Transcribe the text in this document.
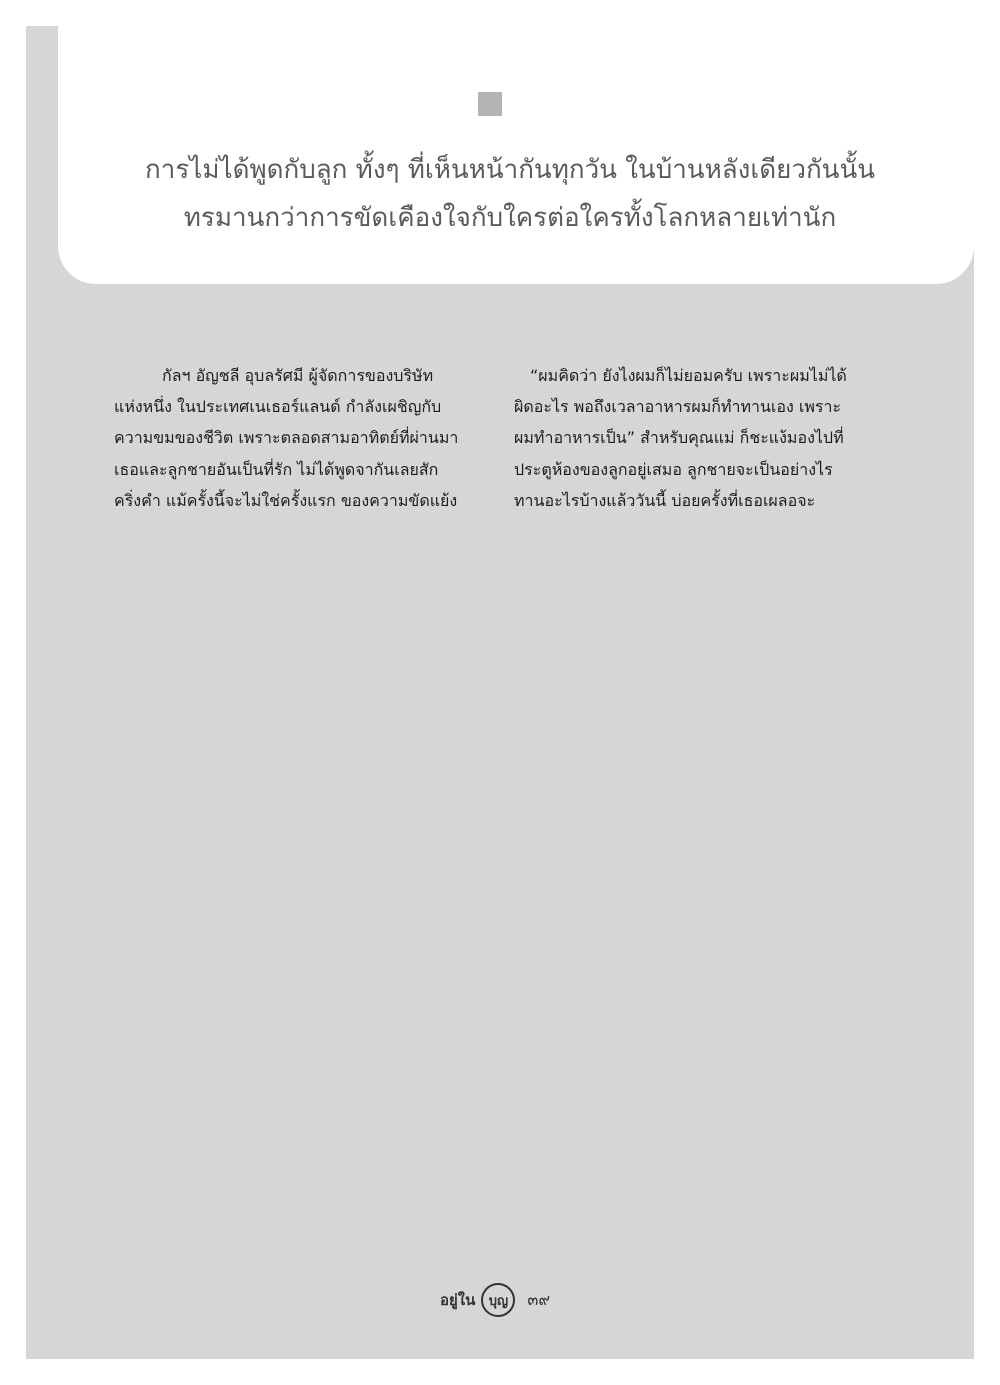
การไม่ได้พูดกับลูก ทั้งๆ ที่เห็นหน้ากันทุกวัน ในบ้านหลังเดียวกันนั้น
ทรมานกว่าการขัดเคืองใจกับใครต่อใครทั้งโลกหลายเท่านัก

กัลฯ อัญชลี อุบลรัศมี ผู้จัดการของบริษัท
แห่งหนึ่ง ในประเทศเนเธอร์แลนด์ กำลังเผชิญกับ
ความขมของชีวิต เพราะตลอดสามอาทิตย์ที่ผ่านมา
เธอและลูกชายอันเป็นที่รัก ไม่ได้พูดจากันเลยสัก
คริ่งคำ แม้ครั้งนี้จะไม่ใช่ครั้งแรก ของความขัดแย้ง

“ผมคิดว่า ยังไงผมก็ไม่ยอมครับ เพราะผมไม่ได้
ผิดอะไร พอถึงเวลาอาหารผมก็ทำทานเอง เพราะ
ผมทำอาหารเป็น” สำหรับคุณแม่ ก็ชะแง้มองไปที่
ประตูห้องของลูกอยู่เสมอ ลูกชายจะเป็นอย่างไร
ทานอะไรบ้างแล้ววันนี้ บ่อยครั้งที่เธอเผลอจะ

อยู่ใน บุญ ๓๙
